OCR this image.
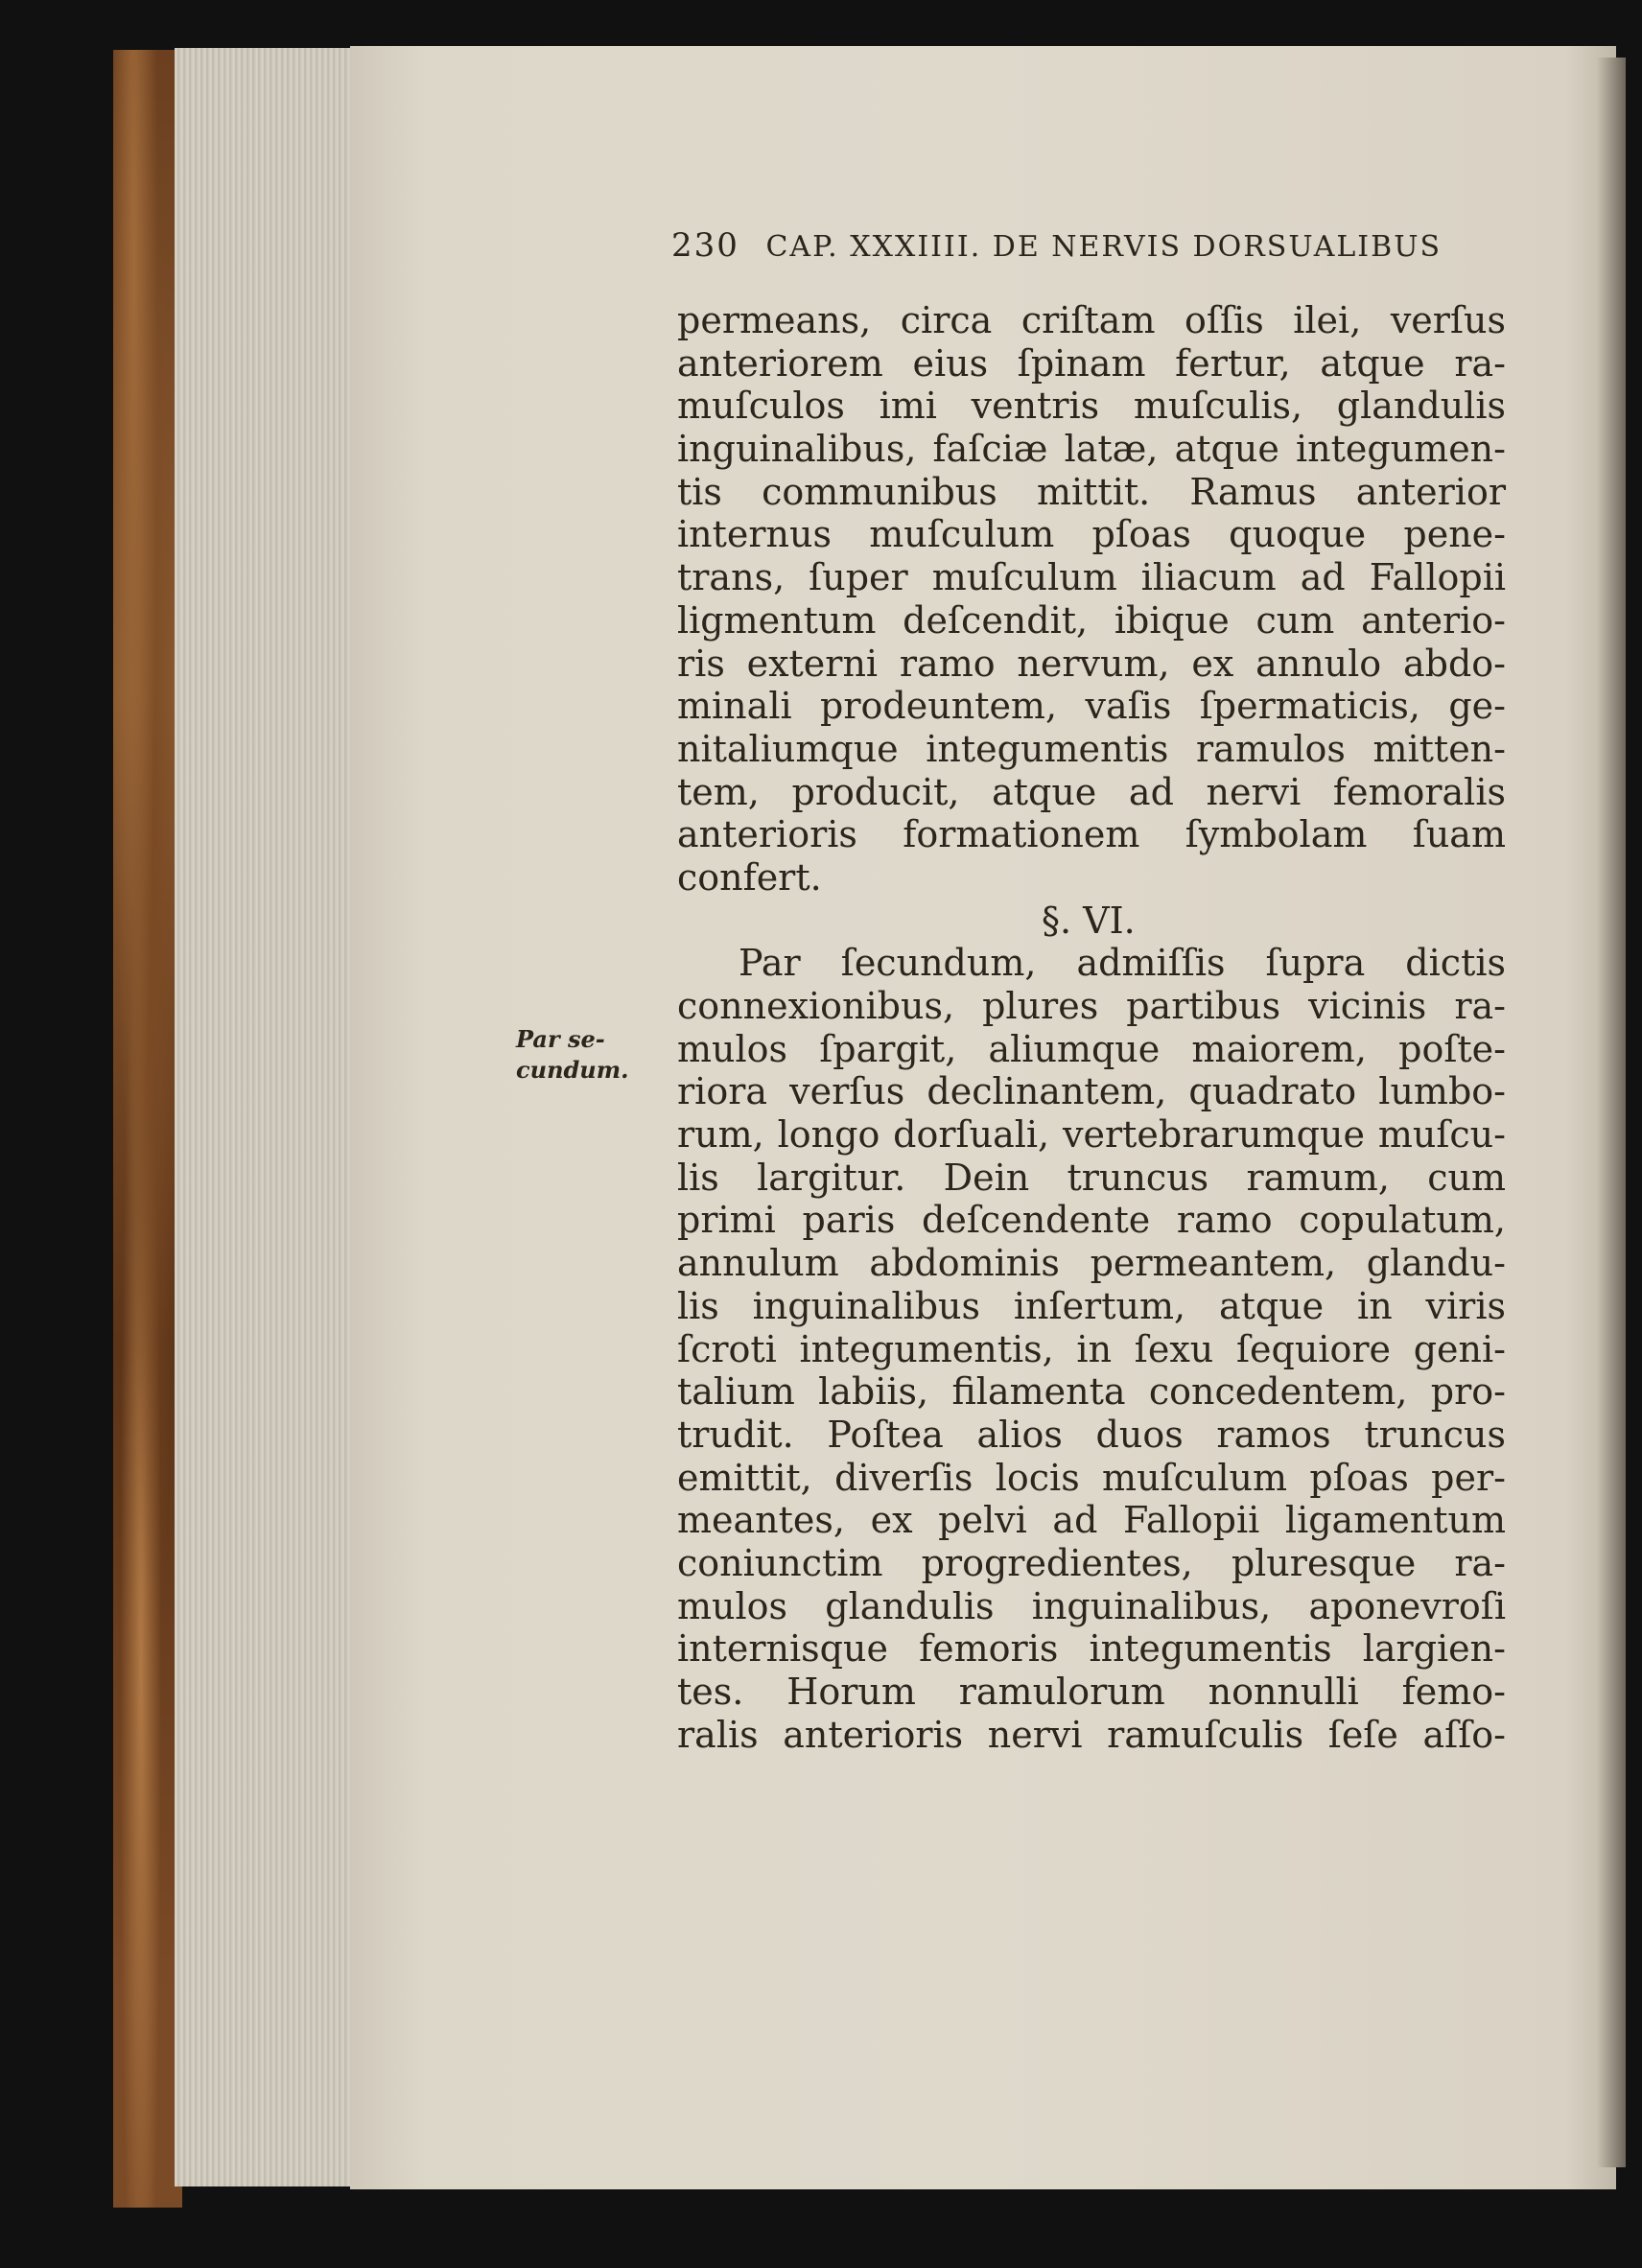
230 CAP. XXXIIII. DE NERVIS DORSUALIBUS
Par se-
cundum.
permeans, circa criſtam oſſis ilei, verſus
anteriorem eius ſpinam fertur, atque ra-
muſculos imi ventris muſculis, glandulis
inguinalibus, faſciæ latæ, atque integumen-
tis communibus mittit. Ramus anterior
internus muſculum pſoas quoque pene-
trans, ſuper muſculum iliacum ad Fallopii
ligmentum deſcendit, ibique cum anterio-
ris externi ramo nervum, ex annulo abdo-
minali prodeuntem, vaſis ſpermaticis, ge-
nitaliumque integumentis ramulos mitten-
tem, producit, atque ad nervi femoralis
anterioris formationem ſymbolam ſuam
confert.
§. VI.
Par ſecundum, admiſſis ſupra dictis
connexionibus, plures partibus vicinis ra-
mulos ſpargit, aliumque maiorem, poſte-
riora verſus declinantem, quadrato lumbo-
rum, longo dorſuali, vertebrarumque muſcu-
lis largitur. Dein truncus ramum, cum
primi paris deſcendente ramo copulatum,
annulum abdominis permeantem, glandu-
lis inguinalibus inſertum, atque in viris
ſcroti integumentis, in ſexu ſequiore geni-
talium labiis, filamenta concedentem, pro-
trudit. Poſtea alios duos ramos truncus
emittit, diverſis locis muſculum pſoas per-
meantes, ex pelvi ad Fallopii ligamentum
coniunctim progredientes, pluresque ra-
mulos glandulis inguinalibus, aponevroſi
internisque femoris integumentis largien-
tes. Horum ramulorum nonnulli femo-
ralis anterioris nervi ramuſculis ſeſe aſſo-
